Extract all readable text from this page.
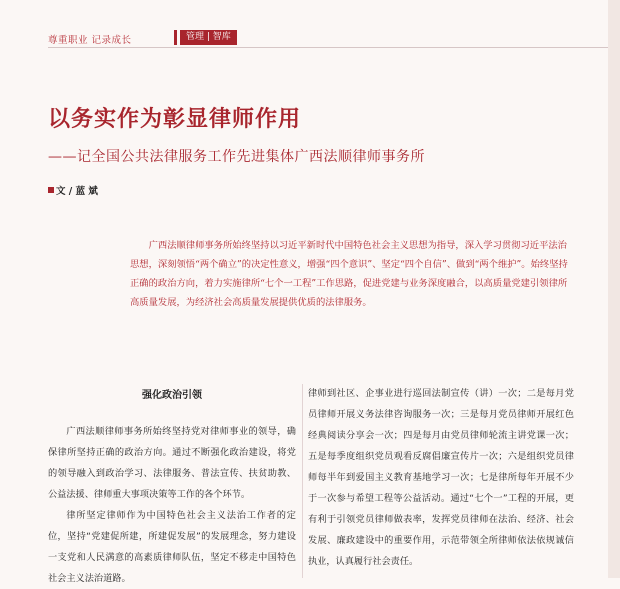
尊重职业 记录成长	管理 | 智库
以务实作为彰显律师作用
——记全国公共法律服务工作先进集体广西法顺律师事务所
文 / 蓝 斌

广西法顺律师事务所始终坚持以习近平新时代中国特色社会主义思想为指导，深入学习贯彻习近平法治思想，深刻领悟“两个确立”的决定性意义，增强“四个意识”、坚定“四个自信”、做到“两个维护”。始终坚持正确的政治方向，着力实施律所“七个一工程”工作思路，促进党建与业务深度融合，以高质量党建引领律所高质量发展，为经济社会高质量发展提供优质的法律服务。

强化政治引领

广西法顺律师事务所始终坚持党对律师事业的领导，确保律所坚持正确的政治方向。通过不断强化政治建设，将党的领导融入到政治学习、法律服务、普法宣传、扶贫助教、公益法援、律师重大事项决策等工作的各个环节。

律所坚定律师作为中国特色社会主义法治工作者的定位，坚持“党建促所建，所建促发展”的发展理念，努力建设一支党和人民满意的高素质律师队伍，坚定不移走中国特色社会主义法治道路。

律师到社区、企事业进行巡回法制宣传（讲）一次；二是每月党员律师开展义务法律咨询服务一次；三是每月党员律师开展红色经典阅读分享会一次；四是每月由党员律师轮流主讲党课一次；五是每季度组织党员观看反腐倡廉宣传片一次；六是组织党员律师每半年到爱国主义教育基地学习一次；七是律所每年开展不少于一次参与希望工程等公益活动。通过“七个一”工程的开展，更有利于引领党员律师做表率，发挥党员律师在法治、经济、社会发展、廉政建设中的重要作用，示范带领全所律师依法依规诚信执业，认真履行社会责任。
